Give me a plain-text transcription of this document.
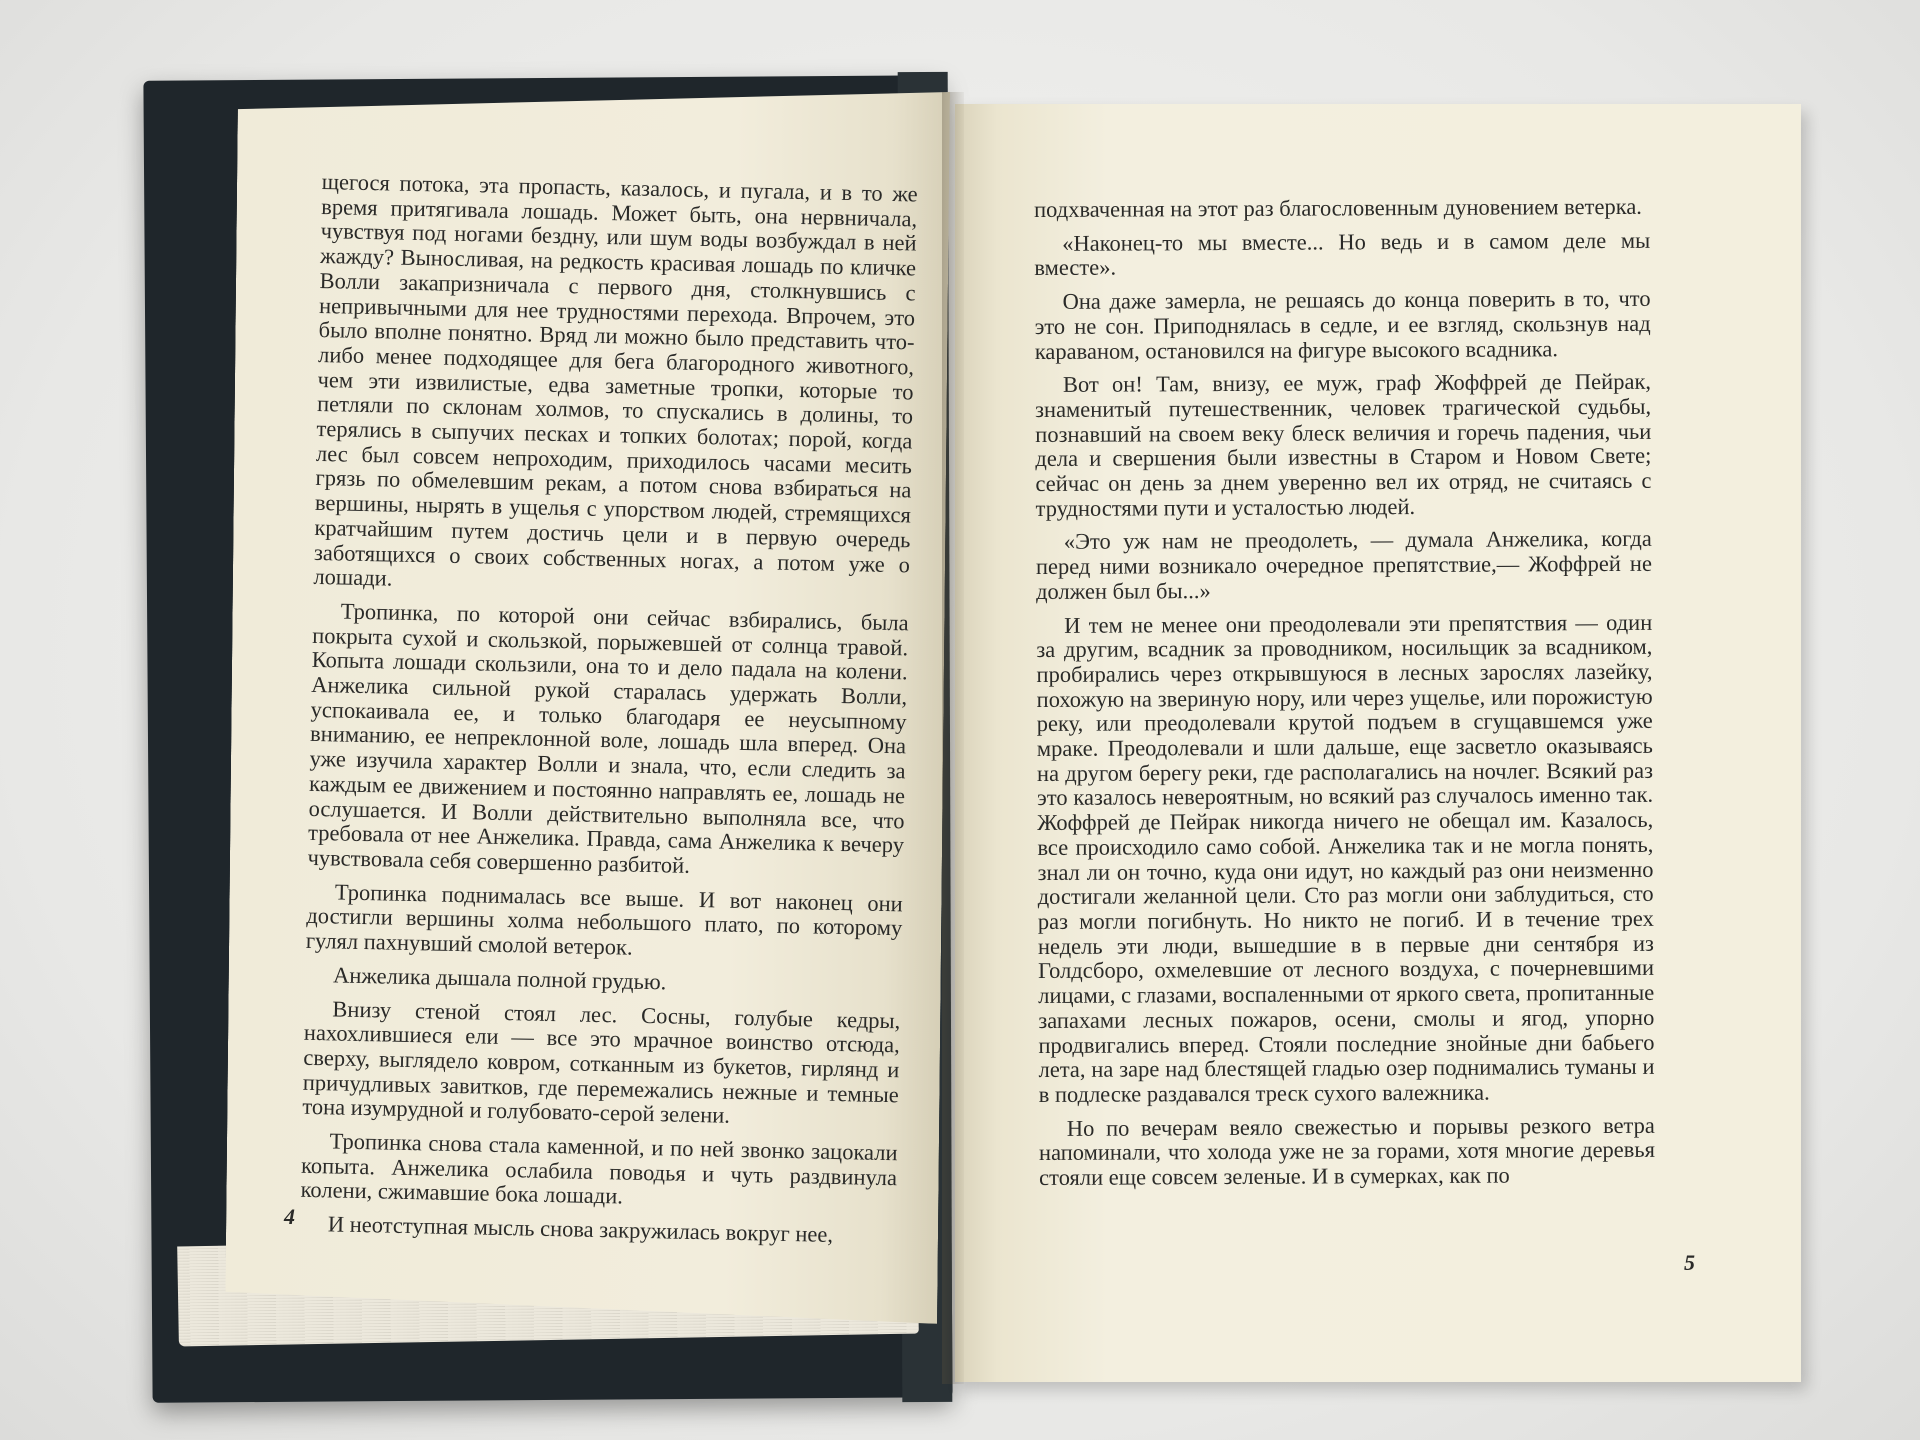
щегося потока, эта пропасть, казалось, и пугала, и в то же время притягивала лошадь. Может быть, она нервничала, чувствуя под ногами бездну, или шум воды возбуждал в ней жажду? Выносливая, на редкость красивая лошадь по кличке Волли закапризничала с первого дня, столкнувшись с непривычными для нее трудностями перехода. Впрочем, это было вполне понятно. Вряд ли можно было представить что-либо менее подходящее для бега благородного животного, чем эти извилистые, едва заметные тропки, которые то петляли по склонам холмов, то спускались в долины, то терялись в сыпучих песках и топких болотах; порой, когда лес был совсем непроходим, приходилось часами месить грязь по обмелевшим рекам, а потом снова взбираться на вершины, нырять в ущелья с упорством людей, стремящихся кратчайшим путем достичь цели и в первую очередь заботящихся о своих собственных ногах, а потом уже о лошади.

Тропинка, по которой они сейчас взбирались, была покрыта сухой и скользкой, порыжевшей от солнца травой. Копыта лошади скользили, она то и дело падала на колени. Анжелика сильной рукой старалась удержать Волли, успокаивала ее, и только благодаря ее неусыпному вниманию, ее непреклонной воле, лошадь шла вперед. Она уже изучила характер Волли и знала, что, если следить за каждым ее движением и постоянно направлять ее, лошадь не ослушается. И Волли действительно выполняла все, что требовала от нее Анжелика. Правда, сама Анжелика к вечеру чувствовала себя совершенно разбитой.

Тропинка поднималась все выше. И вот наконец они достигли вершины холма небольшого плато, по которому гулял пахнувший смолой ветерок.

Анжелика дышала полной грудью.

Внизу стеной стоял лес. Сосны, голубые кедры, нахохлившиеся ели — все это мрачное воинство отсюда, сверху, выглядело ковром, сотканным из букетов, гирлянд и причудливых завитков, где перемежались нежные и темные тона изумрудной и голубовато-серой зелени.

Тропинка снова стала каменной, и по ней звонко зацокали копыта. Анжелика ослабила поводья и чуть раздвинула колени, сжимавшие бока лошади.

И неотступная мысль снова закружилась вокруг нее,

4

подхваченная на этот раз благословенным дуновением ветерка.

«Наконец-то мы вместе... Но ведь и в самом деле мы вместе».

Она даже замерла, не решаясь до конца поверить в то, что это не сон. Приподнялась в седле, и ее взгляд, скользнув над караваном, остановился на фигуре высокого всадника.

Вот он! Там, внизу, ее муж, граф Жоффрей де Пейрак, знаменитый путешественник, человек трагической судьбы, познавший на своем веку блеск величия и горечь падения, чьи дела и свершения были известны в Старом и Новом Свете; сейчас он день за днем уверенно вел их отряд, не считаясь с трудностями пути и усталостью людей.

«Это уж нам не преодолеть, — думала Анжелика, когда перед ними возникало очередное препятствие,— Жоффрей не должен был бы...»

И тем не менее они преодолевали эти препятствия — один за другим, всадник за проводником, носильщик за всадником, пробирались через открывшуюся в лесных зарослях лазейку, похожую на звериную нору, или через ущелье, или порожистую реку, или преодолевали крутой подъем в сгущавшемся уже мраке. Преодолевали и шли дальше, еще засветло оказываясь на другом берегу реки, где располагались на ночлег. Всякий раз это казалось невероятным, но всякий раз случалось именно так. Жоффрей де Пейрак никогда ничего не обещал им. Казалось, все происходило само собой. Анжелика так и не могла понять, знал ли он точно, куда они идут, но каждый раз они неизменно достигали желанной цели. Сто раз могли они заблудиться, сто раз могли погибнуть. Но никто не погиб. И в течение трех недель эти люди, вышедшие в в первые дни сентября из Голдсборо, охмелевшие от лесного воздуха, с почерневшими лицами, с глазами, воспаленными от яркого света, пропитанные запахами лесных пожаров, осени, смолы и ягод, упорно продвигались вперед. Стояли последние знойные дни бабьего лета, на заре над блестящей гладью озер поднимались туманы и в подлеске раздавался треск сухого валежника.

Но по вечерам веяло свежестью и порывы резкого ветра напоминали, что холода уже не за горами, хотя многие деревья стояли еще совсем зеленые. И в сумерках, как по

5
